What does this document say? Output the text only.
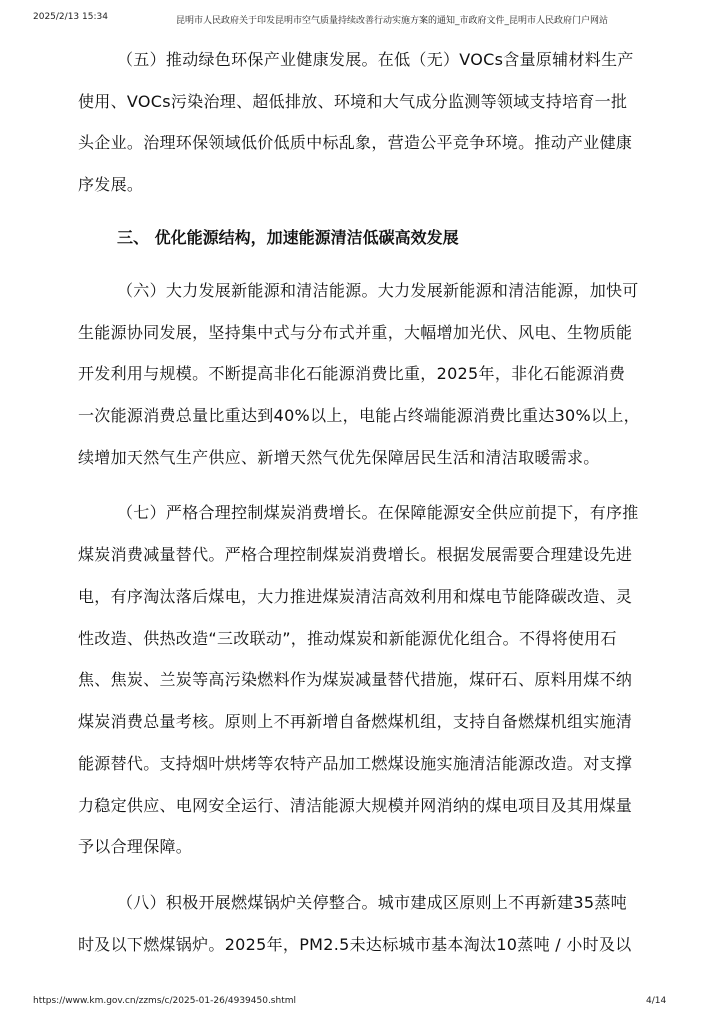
2025/2/13 15:34	昆明市人民政府关于印发昆明市空气质量持续改善行动实施方案的通知_市政府文件_昆明市人民政府门户网站
（五）推动绿色环保产业健康发展。在低（无）VOCs含量原辅材料生产
使用、VOCs污染治理、超低排放、环境和大气成分监测等领域支持培育一批
头企业。治理环保领域低价低质中标乱象，营造公平竞争环境。推动产业健康
序发展。
三、 优化能源结构，加速能源清洁低碳高效发展
（六）大力发展新能源和清洁能源。大力发展新能源和清洁能源，加快可
生能源协同发展，坚持集中式与分布式并重，大幅增加光伏、风电、生物质能
开发利用与规模。不断提高非化石能源消费比重，2025年，非化石能源消费
一次能源消费总量比重达到40%以上，电能占终端能源消费比重达30%以上，
续增加天然气生产供应、新增天然气优先保障居民生活和清洁取暖需求。
（七）严格合理控制煤炭消费增长。在保障能源安全供应前提下，有序推
煤炭消费减量替代。严格合理控制煤炭消费增长。根据发展需要合理建设先进
电，有序淘汰落后煤电，大力推进煤炭清洁高效利用和煤电节能降碳改造、灵
性改造、供热改造“三改联动”，推动煤炭和新能源优化组合。不得将使用石
焦、焦炭、兰炭等高污染燃料作为煤炭减量替代措施，煤矸石、原料用煤不纳
煤炭消费总量考核。原则上不再新增自备燃煤机组，支持自备燃煤机组实施清
能源替代。支持烟叶烘烤等农特产品加工燃煤设施实施清洁能源改造。对支撑
力稳定供应、电网安全运行、清洁能源大规模并网消纳的煤电项目及其用煤量
予以合理保障。
（八）积极开展燃煤锅炉关停整合。城市建成区原则上不再新建35蒸吨
时及以下燃煤锅炉。2025年，PM2.5未达标城市基本淘汰10蒸吨 / 小时及以
https://www.km.gov.cn/zzms/c/2025-01-26/4939450.shtml	4/14
